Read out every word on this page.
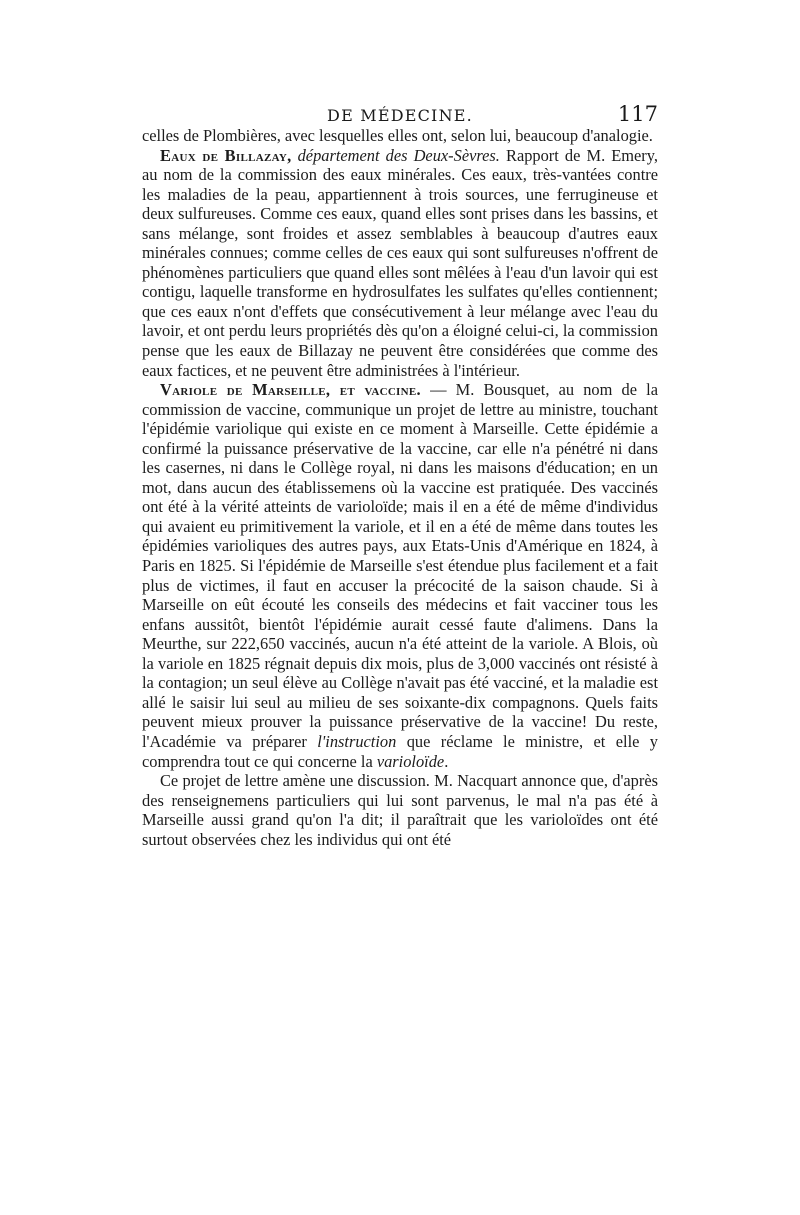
DE MÉDECINE.	117

celles de Plombières, avec lesquelles elles ont, selon lui, beaucoup d'analogie.

Eaux de Billazay, département des Deux-Sèvres. Rapport de M. Emery, au nom de la commission des eaux minérales. Ces eaux, très-vantées contre les maladies de la peau, appartiennent à trois sources, une ferrugineuse et deux sulfureuses. Comme ces eaux, quand elles sont prises dans les bassins, et sans mélange, sont froides et assez semblables à beaucoup d'autres eaux minérales connues; comme celles de ces eaux qui sont sulfureuses n'offrent de phénomènes particuliers que quand elles sont mêlées à l'eau d'un lavoir qui est contigu, laquelle transforme en hydrosulfates les sulfates qu'elles contiennent; que ces eaux n'ont d'effets que consécutivement à leur mélange avec l'eau du lavoir, et ont perdu leurs propriétés dès qu'on a éloigné celui-ci, la commission pense que les eaux de Billazay ne peuvent être considérées que comme des eaux factices, et ne peuvent être administrées à l'intérieur.

Variole de Marseille, et vaccine. — M. Bousquet, au nom de la commission de vaccine, communique un projet de lettre au ministre, touchant l'épidémie variolique qui existe en ce moment à Marseille. Cette épidémie a confirmé la puissance préservative de la vaccine, car elle n'a pénétré ni dans les casernes, ni dans le Collège royal, ni dans les maisons d'éducation; en un mot, dans aucun des établissemens où la vaccine est pratiquée. Des vaccinés ont été à la vérité atteints de varioloïde; mais il en a été de même d'individus qui avaient eu primitivement la variole, et il en a été de même dans toutes les épidémies varioliques des autres pays, aux Etats-Unis d'Amérique en 1824, à Paris en 1825. Si l'épidémie de Marseille s'est étendue plus facilement et a fait plus de victimes, il faut en accuser la précocité de la saison chaude. Si à Marseille on eût écouté les conseils des médecins et fait vacciner tous les enfans aussitôt, bientôt l'épidémie aurait cessé faute d'alimens. Dans la Meurthe, sur 222,650 vaccinés, aucun n'a été atteint de la variole. A Blois, où la variole en 1825 régnait depuis dix mois, plus de 3,000 vaccinés ont résisté à la contagion; un seul élève au Collège n'avait pas été vacciné, et la maladie est allé le saisir lui seul au milieu de ses soixante-dix compagnons. Quels faits peuvent mieux prouver la puissance préservative de la vaccine! Du reste, l'Académie va préparer l'instruction que réclame le ministre, et elle y comprendra tout ce qui concerne la varioloïde.

Ce projet de lettre amène une discussion. M. Nacquart annonce que, d'après des renseignemens particuliers qui lui sont parvenus, le mal n'a pas été à Marseille aussi grand qu'on l'a dit; il paraîtrait que les varioloïdes ont été surtout observées chez les individus qui ont été
